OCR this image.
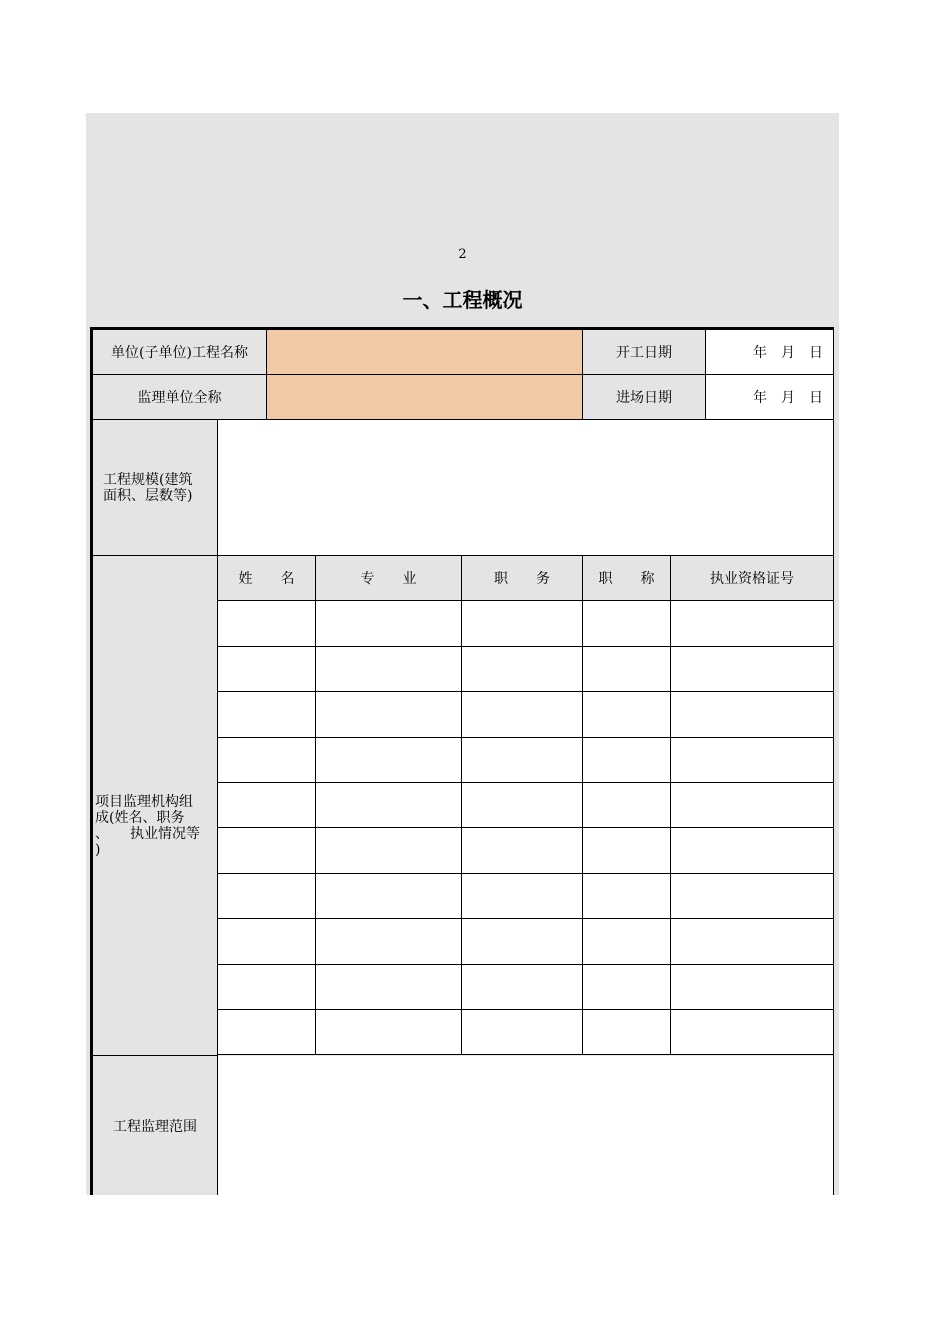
2
一、工程概况
单位(子单位)工程名称	开工日期	年　月　日
监理单位全称	进场日期	年　月　日
工程规模(建筑
面积、层数等)
项目监理机构组
成(姓名、职务
、　　执业情况等
)
姓　　名	专　　业	职　　务	职　　称	执业资格证号
工程监理范围
